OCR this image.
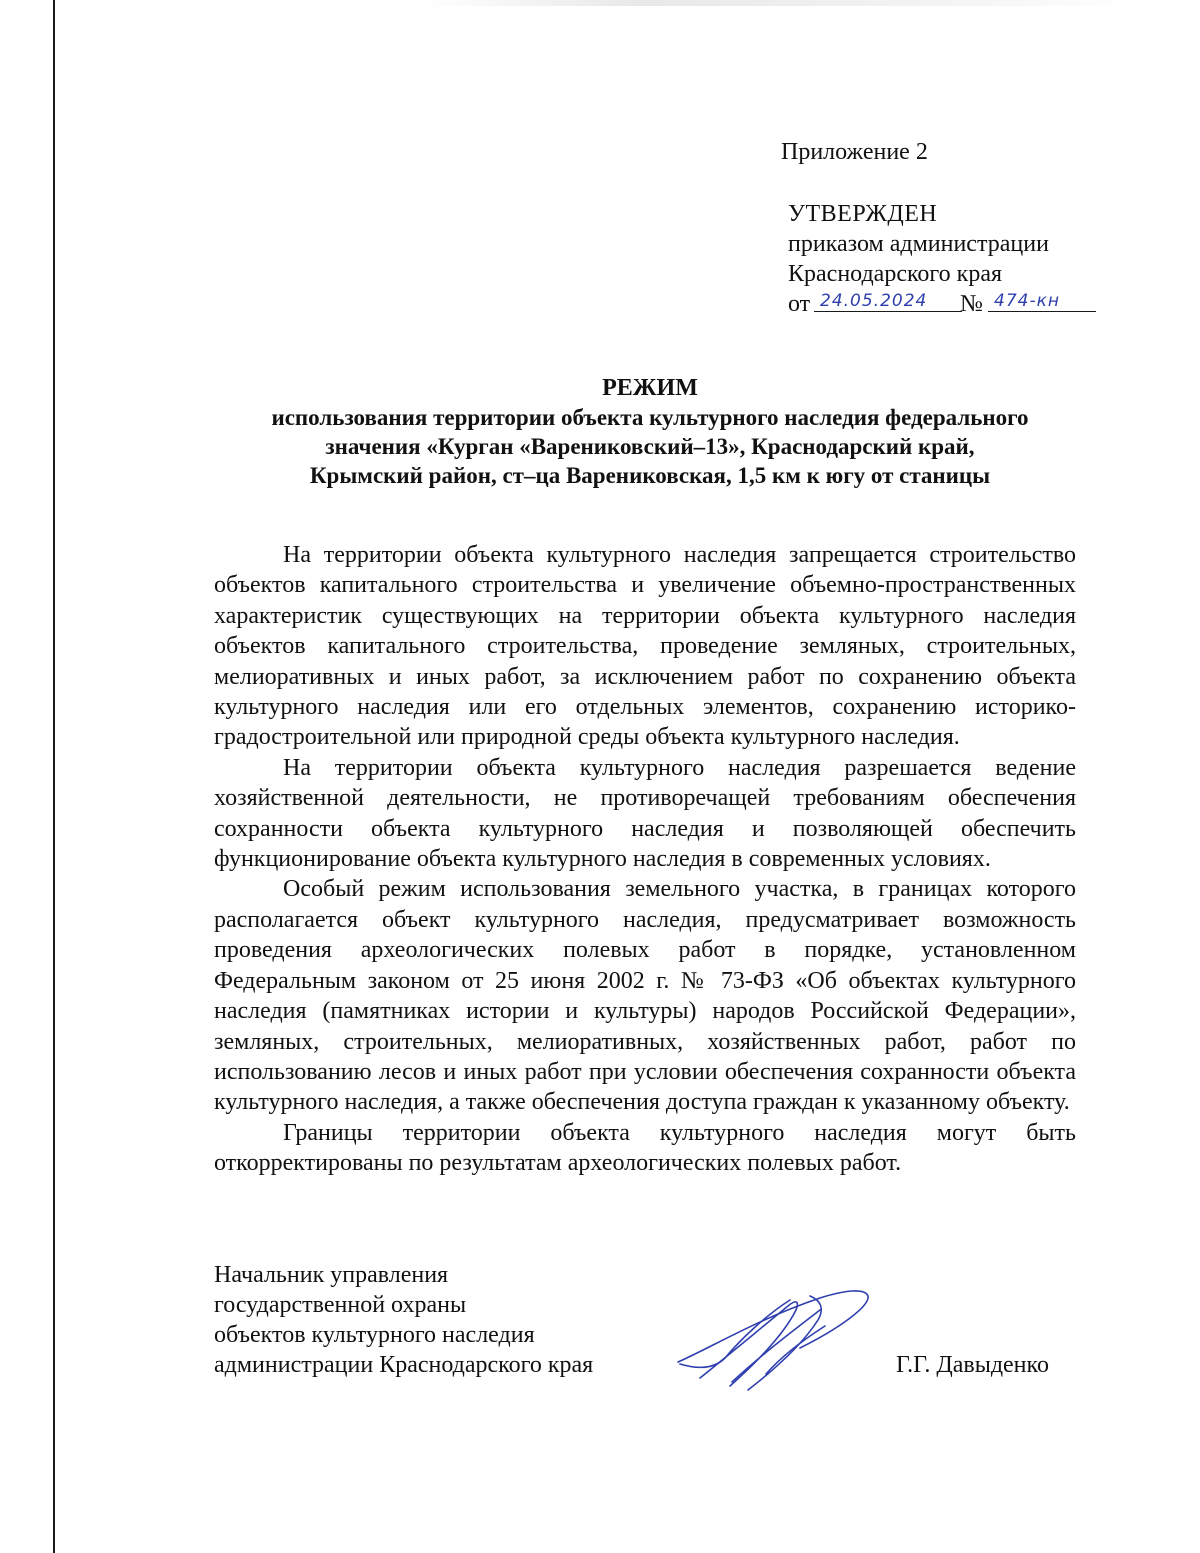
Приложение 2
УТВЕРЖДЕН
приказом администрации
Краснодарского края
от 24.05.2024 № 474-кн
РЕЖИМ
использования территории объекта культурного наследия федерального
значения «Курган «Варениковский–13», Краснодарский край,
Крымский район, ст–ца Варениковская, 1,5 км к югу от станицы

На территории объекта культурного наследия запрещается строительство объектов капитального строительства и увеличение объемно-пространственных характеристик существующих на территории объекта культурного наследия объектов капитального строительства, проведение земляных, строительных, мелиоративных и иных работ, за исключением работ по сохранению объекта культурного наследия или его отдельных элементов, сохранению историко-градостроительной или природной среды объекта культурного наследия.

На территории объекта культурного наследия разрешается ведение хозяйственной деятельности, не противоречащей требованиям обеспечения сохранности объекта культурного наследия и позволяющей обеспечить функционирование объекта культурного наследия в современных условиях.

Особый режим использования земельного участка, в границах которого располагается объект культурного наследия, предусматривает возможность проведения археологических полевых работ в порядке, установленном Федеральным законом от 25 июня 2002 г. № 73-ФЗ «Об объектах культурного наследия (памятниках истории и культуры) народов Российской Федерации», земляных, строительных, мелиоративных, хозяйственных работ, работ по использованию лесов и иных работ при условии обеспечения сохранности объекта культурного наследия, а также обеспечения доступа граждан к указанному объекту.

Границы территории объекта культурного наследия могут быть откорректированы по результатам археологических полевых работ.

Начальник управления
государственной охраны
объектов культурного наследия
администрации Краснодарского края	Г.Г. Давыденко
